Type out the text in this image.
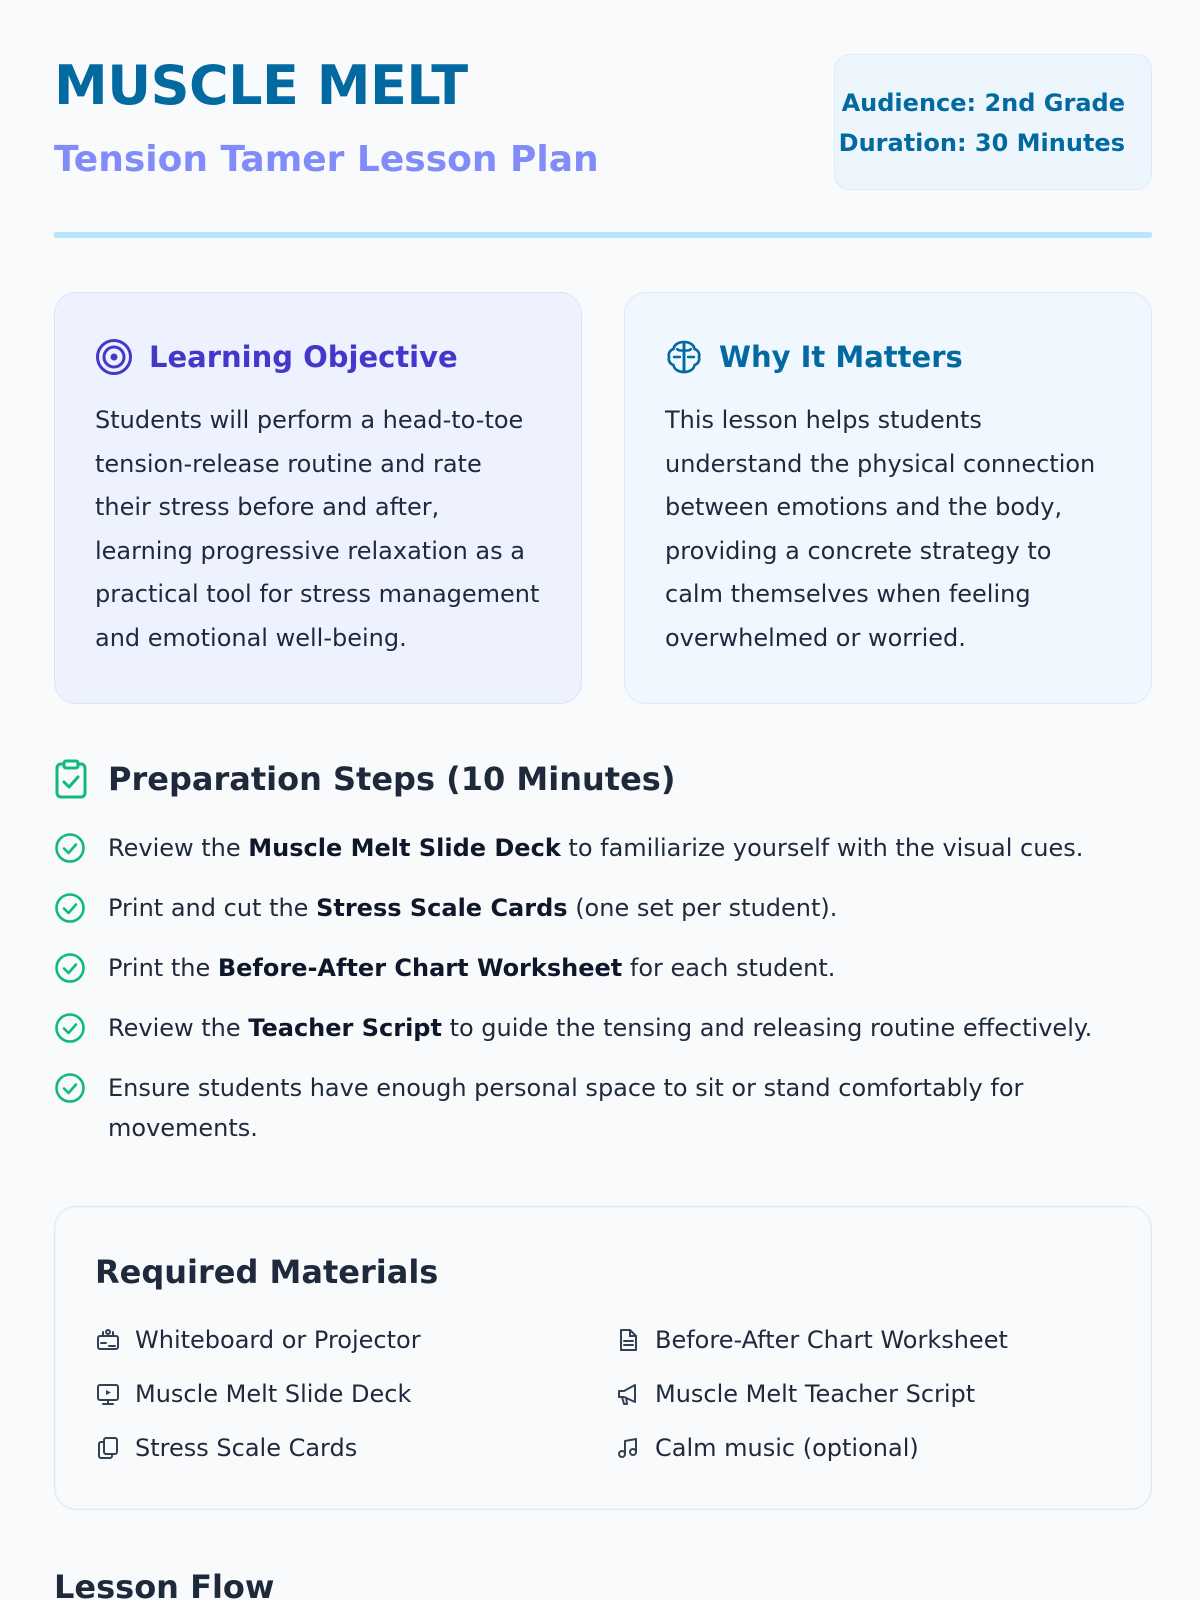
MUSCLE MELT
Tension Tamer Lesson Plan
Audience: 2nd Grade
Duration: 30 Minutes
Learning Objective

Students will perform a head-to-toe tension-release routine and rate their stress before and after, learning progressive relaxation as a practical tool for stress management and emotional well-being.

Why It Matters

This lesson helps students understand the physical connection between emotions and the body, providing a concrete strategy to calm themselves when feeling overwhelmed or worried.

Preparation Steps (10 Minutes)
Review the Muscle Melt Slide Deck to familiarize yourself with the visual cues.
Print and cut the Stress Scale Cards (one set per student).
Print the Before-After Chart Worksheet for each student.
Review the Teacher Script to guide the tensing and releasing routine effectively.
Ensure students have enough personal space to sit or stand comfortably for movements.
Required Materials
Whiteboard or Projector	Before-After Chart Worksheet
Muscle Melt Slide Deck	Muscle Melt Teacher Script
Stress Scale Cards	Calm music (optional)
Lesson Flow
